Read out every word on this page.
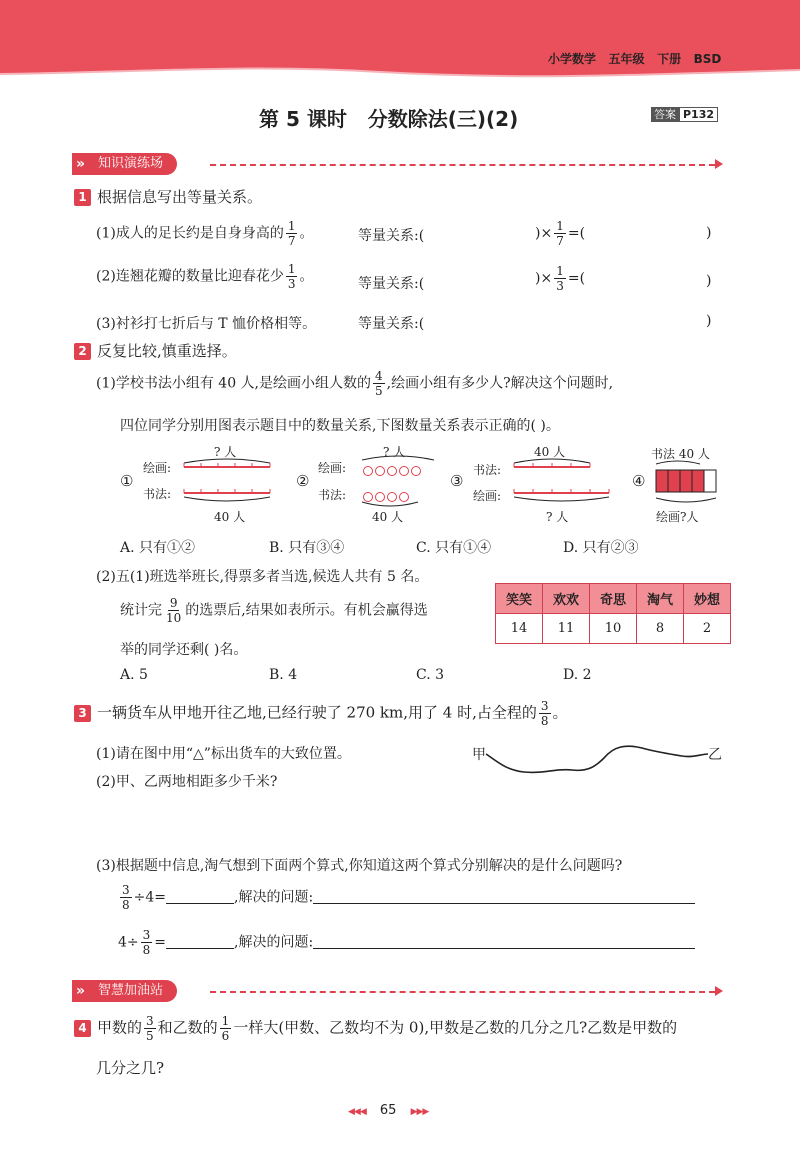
小学数学   五年级   下册   BSD
第 5 课时   分数除法(三)(2)	答案 P132
» 知识演练场
1 根据信息写出等量关系。
(1)成人的足长约是自身身高的 $\frac{1}{7}$ 。	等量关系:(	)× $\frac{1}{7}$ =(	)
(2)连翘花瓣的数量比迎春花少 $\frac{1}{3}$ 。	等量关系:(	)× $\frac{1}{3}$ =(	)
(3)衬衫打七折后与 T 恤价格相等。	等量关系:(	)
2 反复比较,慎重选择。
(1)学校书法小组有 40 人,是绘画小组人数的 $\frac{4}{5}$ ,绘画小组有多少人?解决这个问题时,
四位同学分别用图表示题目中的数量关系,下图数量关系表示正确的( )。
①
绘画:
书法:
? 人
40 人
②
绘画:
书法:
? 人
40 人
③
书法:
绘画:
40 人
? 人
④
书法 40 人
绘画?人
A. 只有①②	B. 只有③④	C. 只有①④	D. 只有②③
(2)五(1)班选举班长,得票多者当选,候选人共有 5 名。
统计完 $\frac{9}{10}$ 的选票后,结果如表所示。有机会赢得选
举的同学还剩( )名。
笑笑	欢欢	奇思	淘气	妙想
14	11	10	8	2
A. 5	B. 4	C. 3	D. 2
3 一辆货车从甲地开往乙地,已经行驶了 270 km,用了 4 时,占全程的 $\frac{3}{8}$ 。
(1)请在图中用“△”标出货车的大致位置。
(2)甲、乙两地相距多少千米?
甲	乙
(3)根据题中信息,淘气想到下面两个算式,你知道这两个算式分别解决的是什么问题吗?
$\frac{3}{8} \div 4=$	,解决的问题:
$4\div \frac{3}{8}$ =	,解决的问题:
» 智慧加油站
4 甲数的 $\frac{3}{5}$ 和乙数的 $\frac{1}{6}$ 一样大(甲数、乙数均不为 0),甲数是乙数的几分之几?乙数是甲数的
几分之几?
◀◀◀ 65 ▶▶▶
